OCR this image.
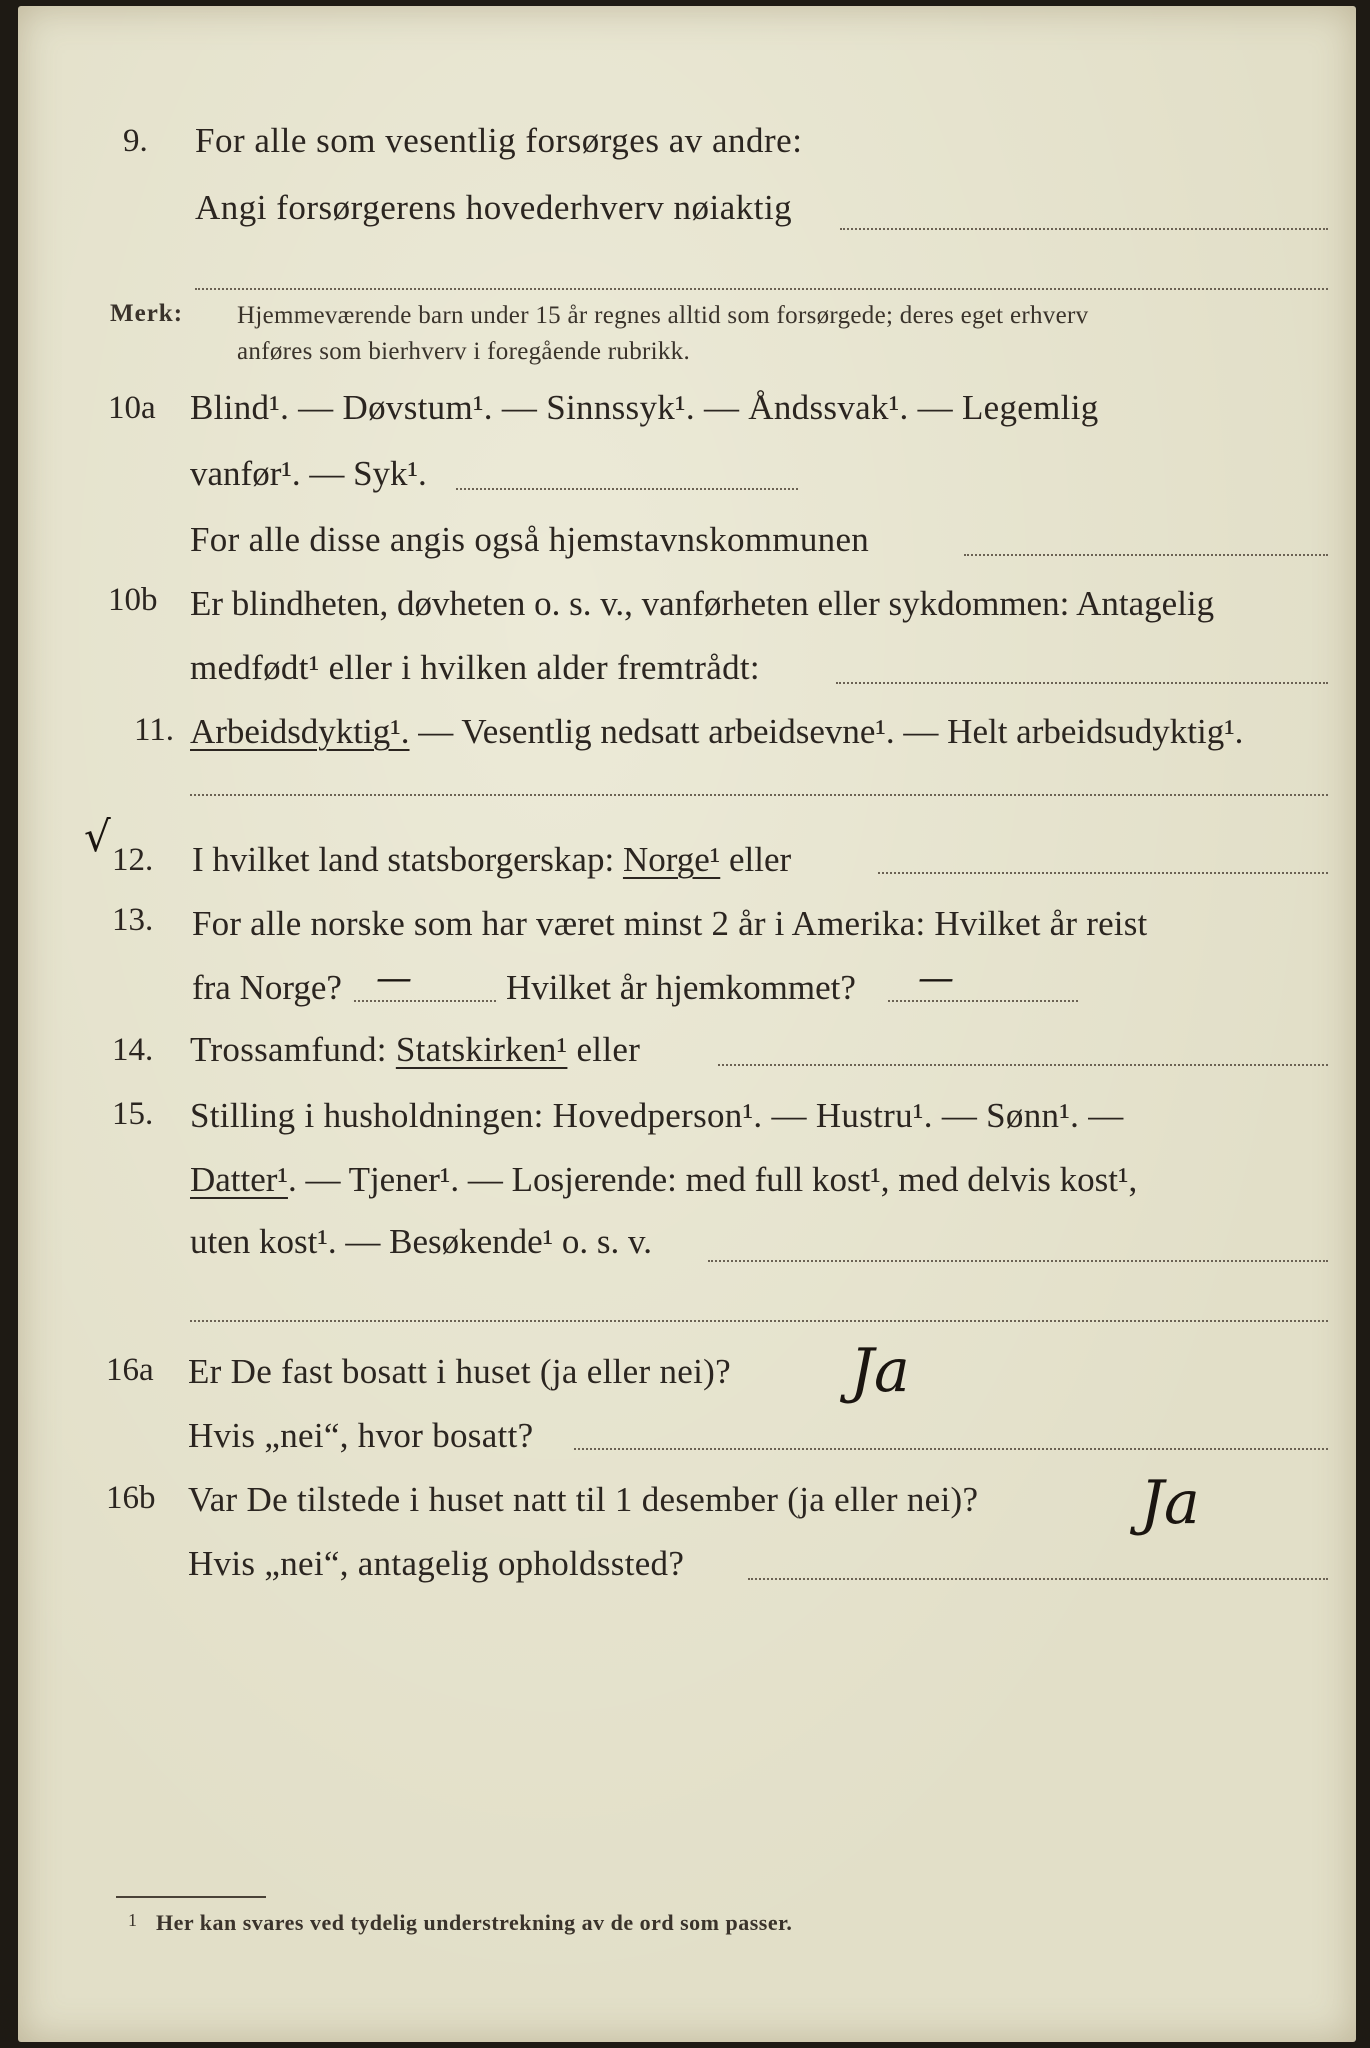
9. For alle som vesentlig forsørges av andre:
Angi forsørgerens hovederhverv nøiaktig
Merk: Hjemmeværende barn under 15 år regnes alltid som forsørgede; deres eget erhverv
anføres som bierhverv i foregående rubrikk.
10a Blind¹. — Døvstum¹. — Sinnssyk¹. — Åndssvak¹. — Legemlig
vanfør¹. — Syk¹.
For alle disse angis også hjemstavnskommunen
10b Er blindheten, døvheten o. s. v., vanførheten eller sykdommen: Antagelig
medfødt¹ eller i hvilken alder fremtrådt:
11. Arbeidsdyktig¹. — Vesentlig nedsatt arbeidsevne¹. — Helt arbeidsudyktig¹.
√ 12. I hvilket land statsborgerskap: Norge¹ eller
13. For alle norske som har været minst 2 år i Amerika: Hvilket år reist
fra Norge? —	Hvilket år hjemkommet? —
14. Trossamfund: Statskirken¹ eller
15. Stilling i husholdningen: Hovedperson¹. — Hustru¹. — Sønn¹. —
Datter¹. — Tjener¹. — Losjerende: med full kost¹, med delvis kost¹,
uten kost¹. — Besøkende¹ o. s. v.
16a Er De fast bosatt i huset (ja eller nei)? Ja
Hvis „nei“, hvor bosatt?
16b Var De tilstede i huset natt til 1 desember (ja eller nei)?	Ja
Hvis „nei“, antagelig opholdssted?
1 Her kan svares ved tydelig understrekning av de ord som passer.
